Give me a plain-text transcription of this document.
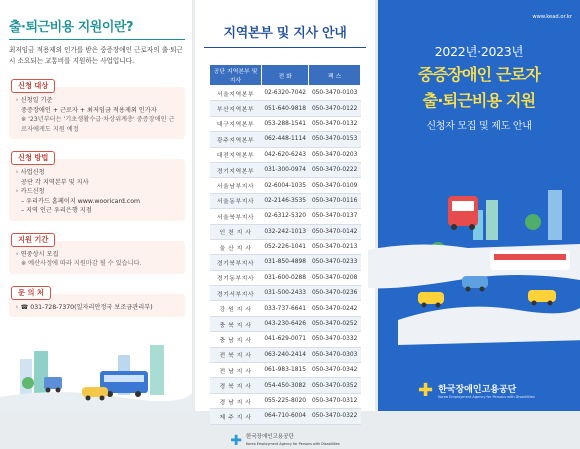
출·퇴근비용 지원이란?
최저임금 적용제외 인가를 받은 중증장애인 근로자의 출·퇴근 시 소요되는 교통비를 지원하는 사업입니다.
신청 대상
◦ 신청일 기준
중증장애인 + 근로자 + 최저임금 적용제외 인가자
※ '23년부터는 '기초생활수급·차상위계층' 중증장애인 근로자에게도 지원 예정
신청 방법
◦ 사업신청
공단 각 지역본부 및 지사
◦ 카드신청
– 우리카드 홈페이지 www.wooricard.com
– 지역 인근 우리은행 지점
지원 기간
◦ 연중상시 모집
※ 예산사정에 따라 지원마감 될 수 있습니다.
문 의 처
◦ ☎ 031-728-7370(일자리안정국 보조금관리부)
지역본부 및 지사 안내
공단 지역본부 및 지사	전 화	팩 스
서울지역본부	02-6320-7042	050-3470-0103
부산지역본부	051-640-9818	050-3470-0122
대구지역본부	053-288-1541	050-3470-0132
광주지역본부	062-448-1114	050-3470-0153
대전지역본부	042-620-6243	050-3470-0203
경기지역본부	031-300-0974	050-3470-0222
서울남부지사	02-6004-1035	050-3470-0109
서울동부지사	02-2146-3535	050-3470-0116
서울북부지사	02-6312-5320	050-3470-0137
인 천 지 사	032-242-1013	050-3470-0142
울 산 지 사	052-226-1041	050-3470-0213
경기북부지사	031-850-4898	050-3470-0233
경기동부지사	031-600-0288	050-3470-0208
경기서부지사	031-500-2433	050-3470-0236
강 원 지 사	033-737-6641	050-3470-0242
충 북 지 사	043-230-6426	050-3470-0252
충 남 지 사	041-629-0071	050-3470-0332
전 북 지 사	063-240-2414	050-3470-0303
전 남 지 사	061-983-1815	050-3470-0342
경 북 지 사	054-450-3082	050-3470-0352
경 남 지 사	055-225-8020	050-3470-0312
제 주 지 사	064-710-6004	050-3470-0322
✚ 한국장애인고용공단
Korea Employment Agency for Persons with Disabilities
www.kead.or.kr
2022년·2023년
중증장애인 근로자
출·퇴근비용 지원
신청자 모집 및 제도 안내
✚ 한국장애인고용공단
Korea Employment Agency for Persons with Disabilities
